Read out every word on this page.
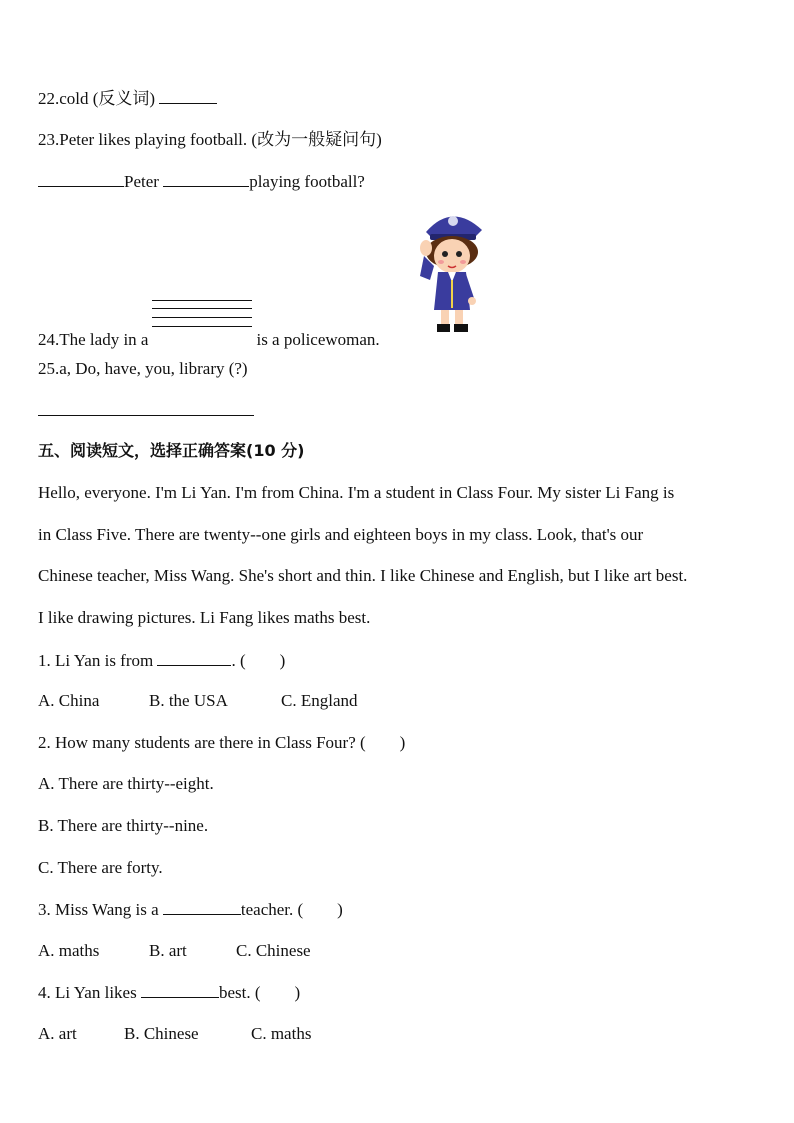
22.cold (反义词)
23.Peter likes playing football. (改为一般疑问句)
Peter	playing football?
24.The lady in a	is a policewoman.
25.a, Do, have, you, library (?)
五、阅读短文，选择正确答案(10 分)
Hello, everyone. I'm Li Yan. I'm from China. I'm a student in Class Four. My sister Li Fang is
in Class Five. There are twenty--one girls and eighteen boys in my class. Look, that's our
Chinese teacher, Miss Wang. She's short and thin. I like Chinese and English, but I like art best.
I like drawing pictures. Li Fang likes maths best.
1. Li Yan is from	. (        )
A. China	B. the USA	C. England
2. How many students are there in Class Four? (        )
A. There are thirty--eight.
B. There are thirty--nine.
C. There are forty.
3. Miss Wang is a	teacher. (        )
A. maths	B. art	C. Chinese
4. Li Yan likes	best. (        )
A. art	B. Chinese	C. maths
